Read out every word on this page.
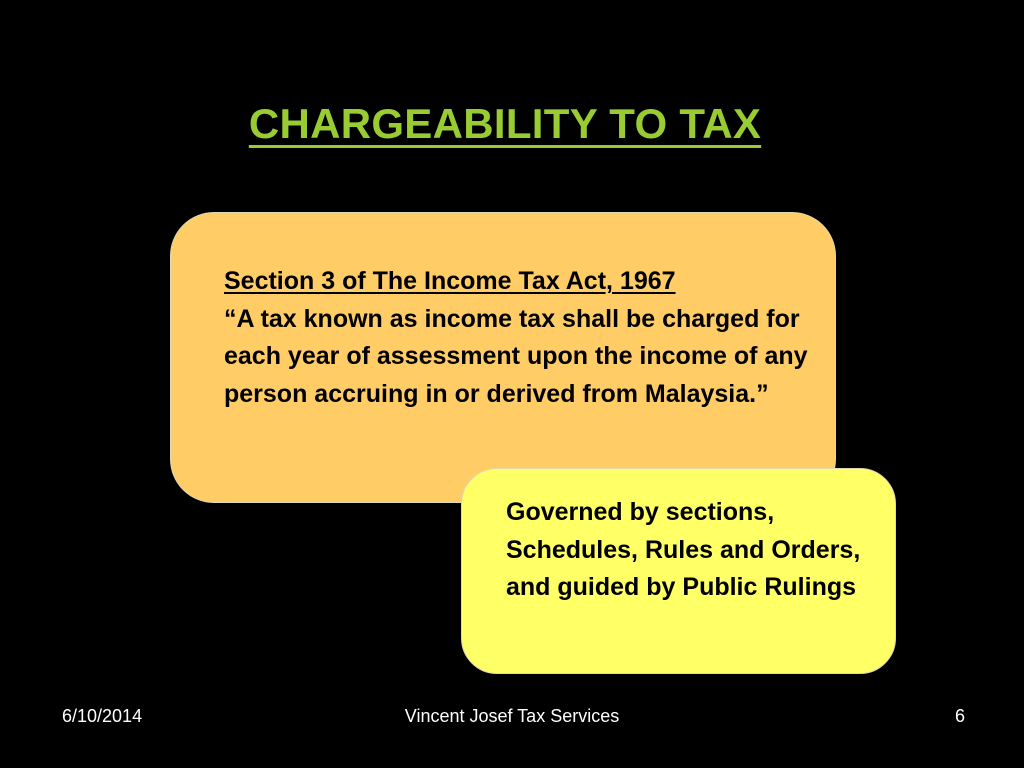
CHARGEABILITY TO TAX

Section 3 of The Income Tax Act, 1967
“A tax known as income tax shall be charged for each year of assessment upon the income of any person accruing in or derived from Malaysia.”

Governed by sections, Schedules, Rules and Orders, and guided by Public Rulings

6/10/2014	Vincent Josef Tax Services	6
